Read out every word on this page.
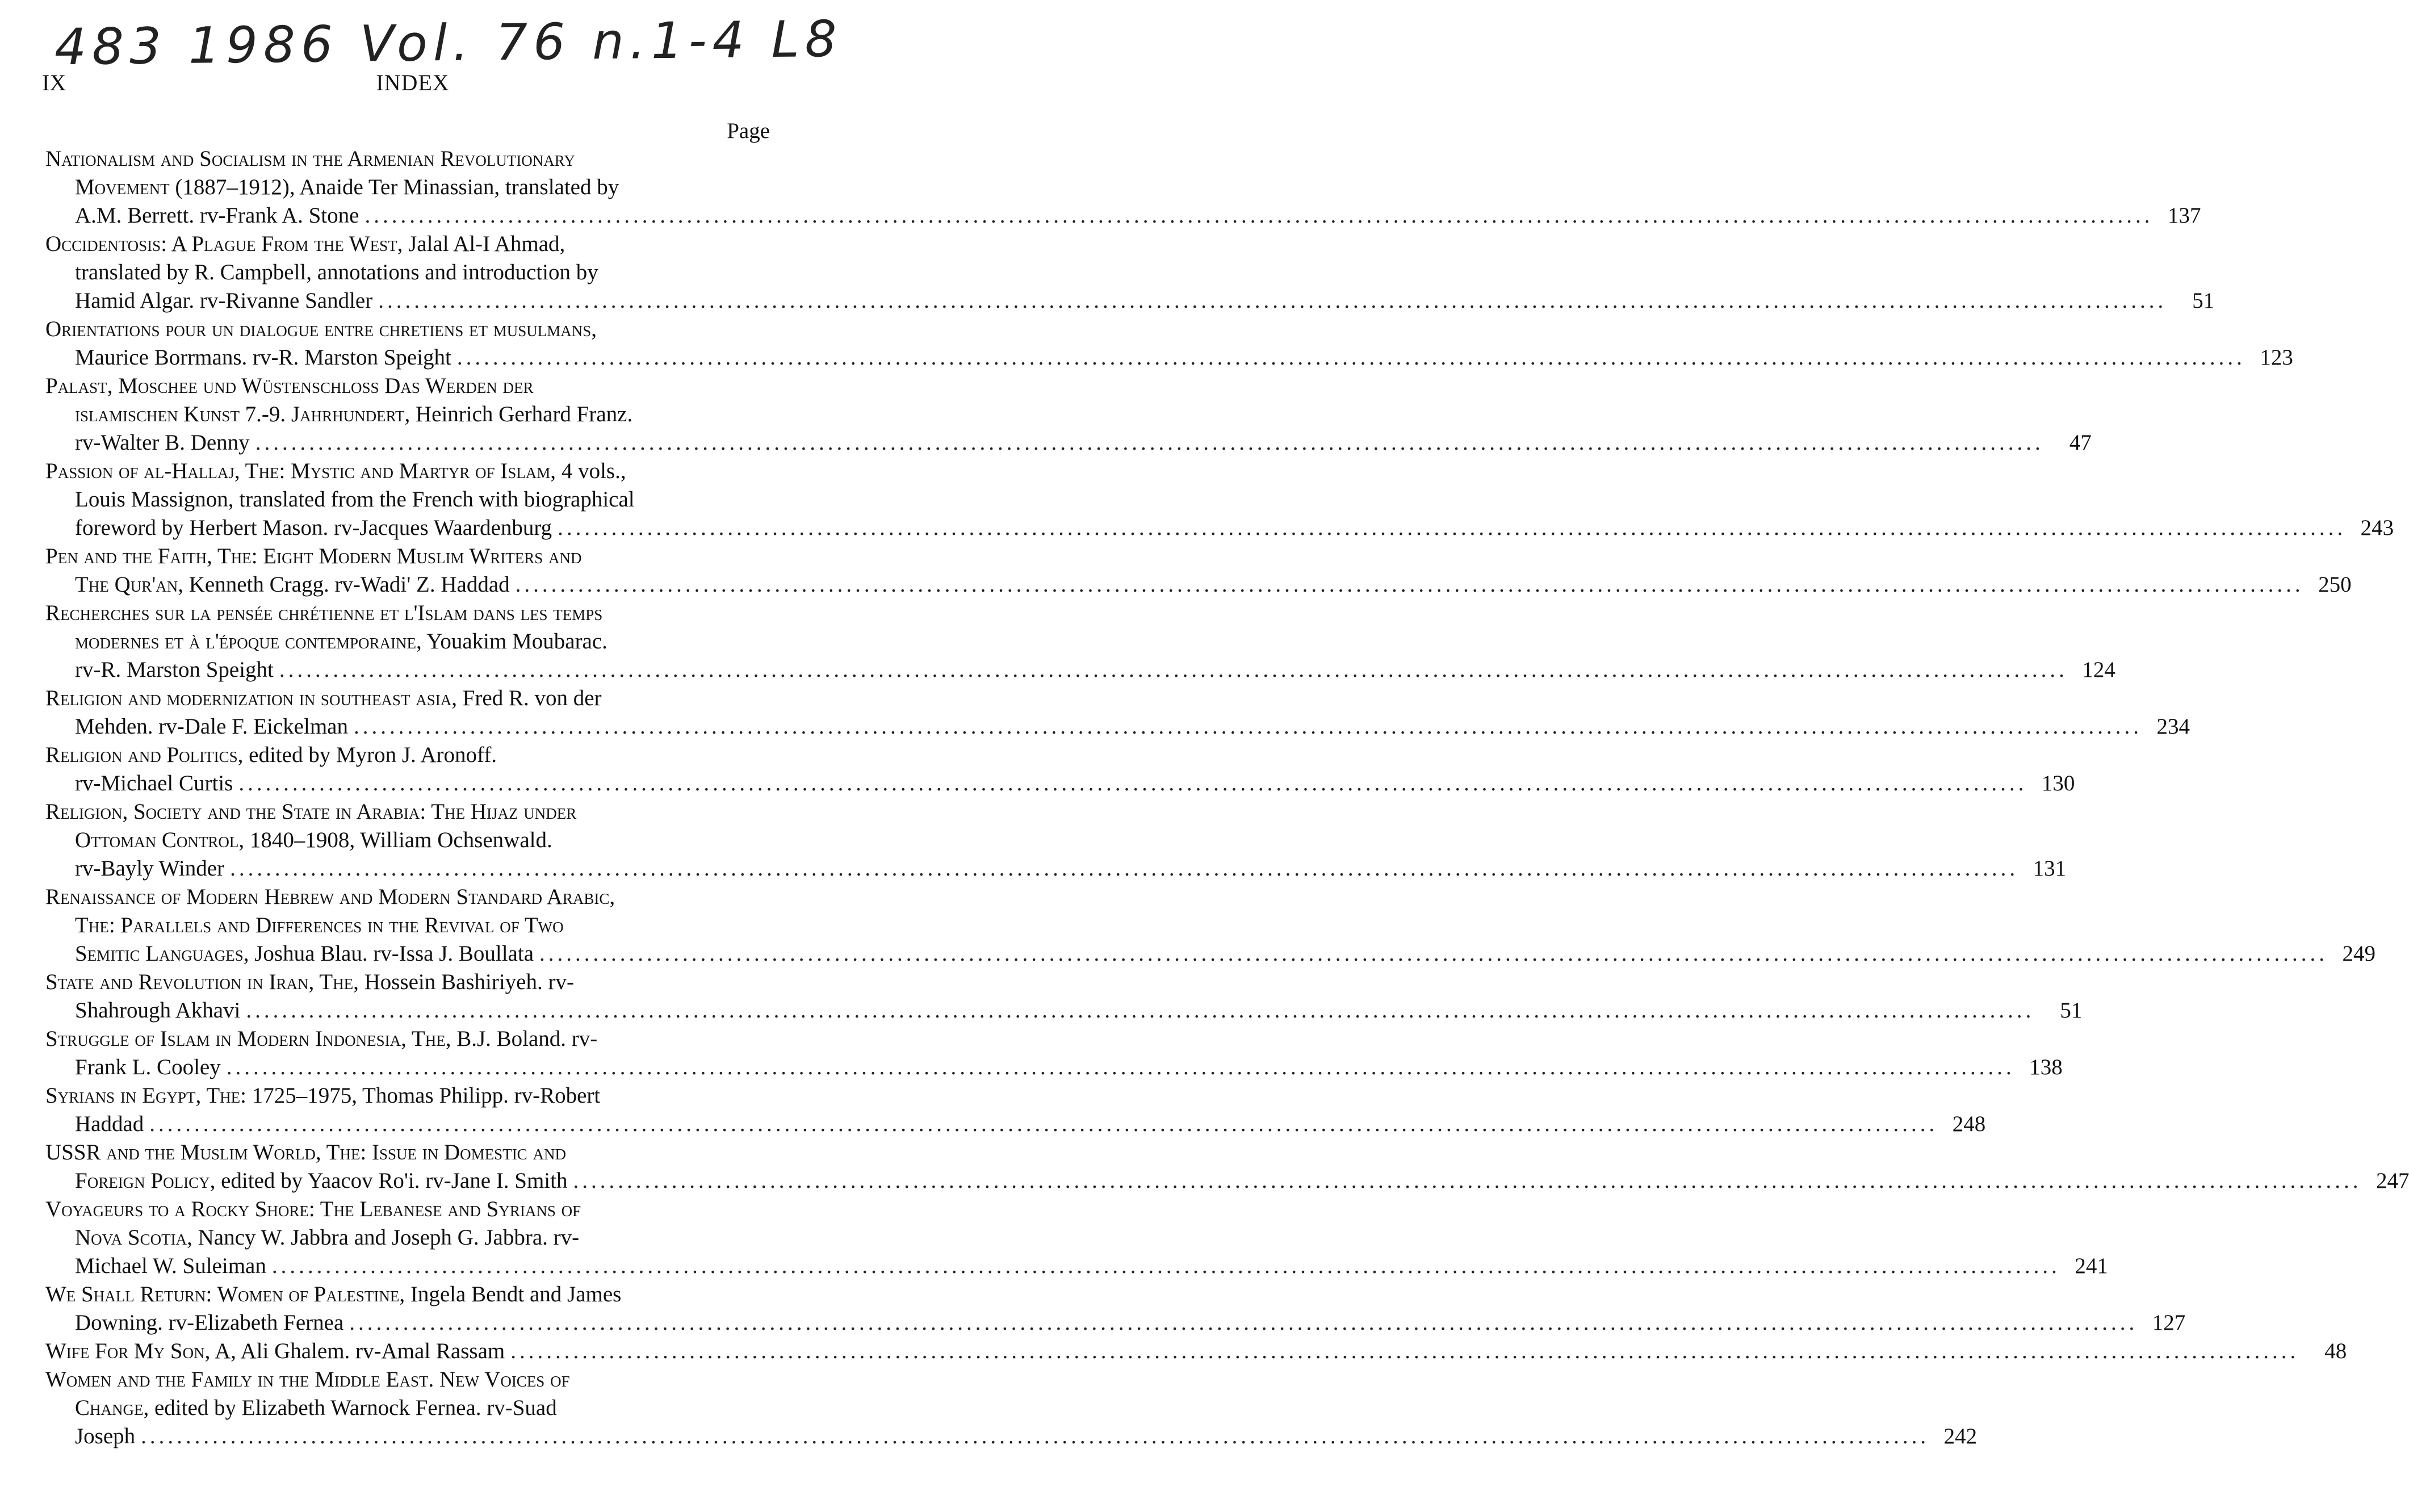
483 1986 Vol. 76 n.1-4 L8
IX	INDEX
Page
Nationalism and Socialism in the Armenian Revolutionary
Movement (1887–1912), Anaide Ter Minassian, translated by
A.M. Berrett. rv-Frank A. Stone .....	137
Occidentosis: A Plague From the West, Jalal Al-I Ahmad,
translated by R. Campbell, annotations and introduction by
Hamid Algar. rv-Rivanne Sandler .....	51
Orientations pour un dialogue entre chretiens et musulmans,
Maurice Borrmans. rv-R. Marston Speight .....	123
Palast, Moschee und Wüstenschloss Das Werden der
islamischen Kunst 7.-9. Jahrhundert, Heinrich Gerhard Franz.
rv-Walter B. Denny .....	47
Passion of al-Hallaj, The: Mystic and Martyr of Islam, 4 vols.,
Louis Massignon, translated from the French with biographical
foreword by Herbert Mason. rv-Jacques Waardenburg .....	243
Pen and the Faith, The: Eight Modern Muslim Writers and
The Qur'an, Kenneth Cragg. rv-Wadi' Z. Haddad .....	250
Recherches sur la pensée chrétienne et l'Islam dans les temps
modernes et à l'époque contemporaine, Youakim Moubarac.
rv-R. Marston Speight .....	124
Religion and modernization in southeast asia, Fred R. von der
Mehden. rv-Dale F. Eickelman .....	234
Religion and Politics, edited by Myron J. Aronoff.
rv-Michael Curtis .....	130
Religion, Society and the State in Arabia: The Hijaz under
Ottoman Control, 1840–1908, William Ochsenwald.
rv-Bayly Winder .....	131
Renaissance of Modern Hebrew and Modern Standard Arabic,
The: Parallels and Differences in the Revival of Two
Semitic Languages, Joshua Blau. rv-Issa J. Boullata .....	249
State and Revolution in Iran, The, Hossein Bashiriyeh. rv-
Shahrough Akhavi .....	51
Struggle of Islam in Modern Indonesia, The, B.J. Boland. rv-
Frank L. Cooley .....	138
Syrians in Egypt, The: 1725–1975, Thomas Philipp. rv-Robert
Haddad .....	248
USSR and the Muslim World, The: Issue in Domestic and
Foreign Policy, edited by Yaacov Ro'i. rv-Jane I. Smith .....	247
Voyageurs to a Rocky Shore: The Lebanese and Syrians of
Nova Scotia, Nancy W. Jabbra and Joseph G. Jabbra. rv-
Michael W. Suleiman .....	241
We Shall Return: Women of Palestine, Ingela Bendt and James
Downing. rv-Elizabeth Fernea .....	127
Wife For My Son, A, Ali Ghalem. rv-Amal Rassam .....	48
Women and the Family in the Middle East. New Voices of
Change, edited by Elizabeth Warnock Fernea. rv-Suad
Joseph .....	242
